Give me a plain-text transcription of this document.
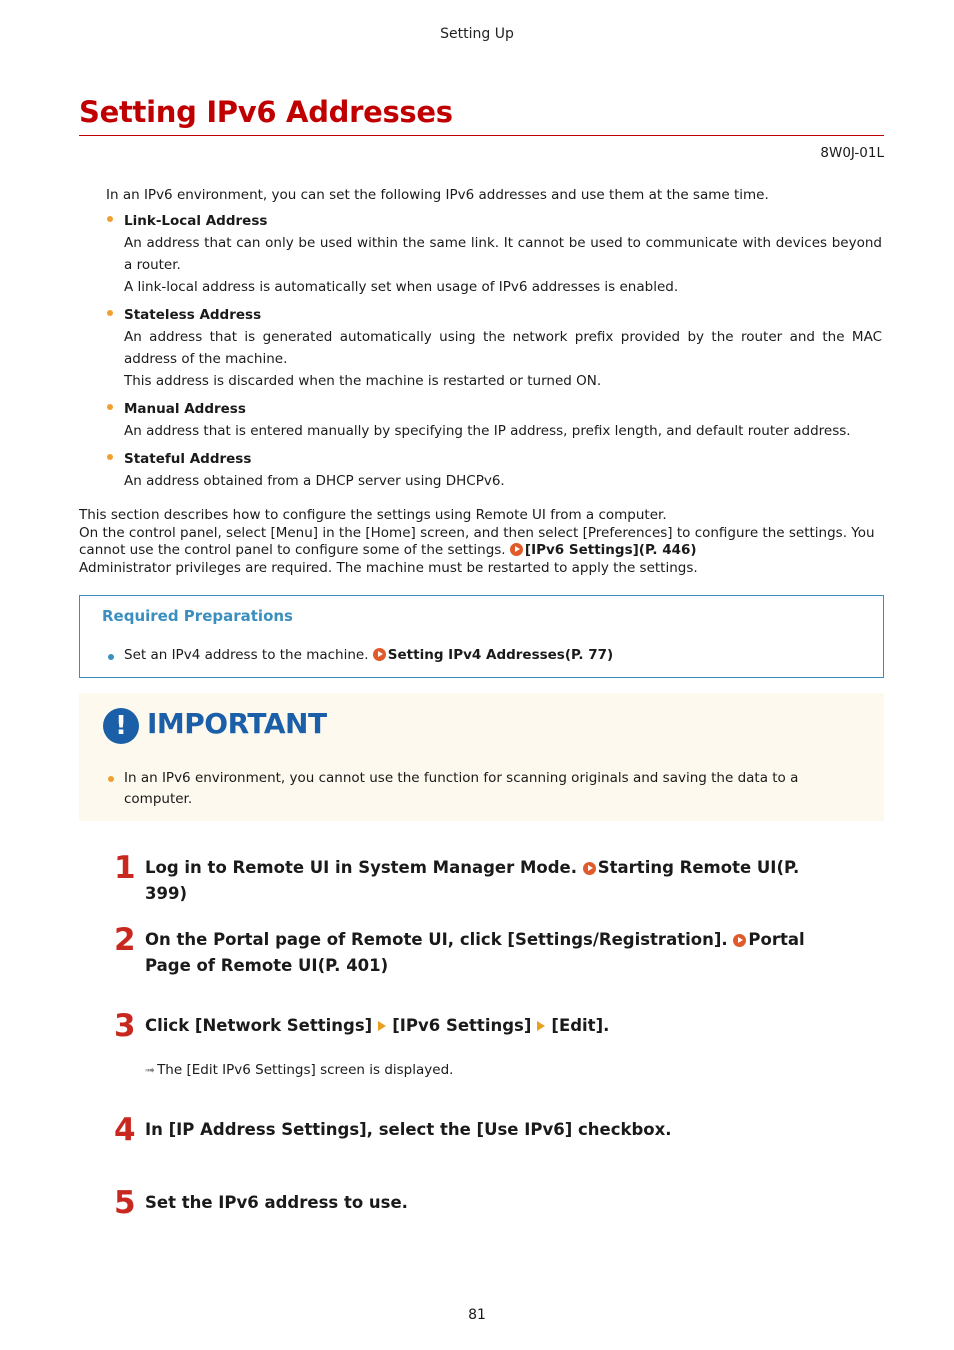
Setting Up
Setting IPv6 Addresses
8W0J-01L
In an IPv6 environment, you can set the following IPv6 addresses and use them at the same time.
Link-Local Address
An address that can only be used within the same link. It cannot be used to communicate with devices beyond a router.
A link-local address is automatically set when usage of IPv6 addresses is enabled.
Stateless Address
An address that is generated automatically using the network prefix provided by the router and the MAC address of the machine.
This address is discarded when the machine is restarted or turned ON.
Manual Address
An address that is entered manually by specifying the IP address, prefix length, and default router address.
Stateful Address
An address obtained from a DHCP server using DHCPv6.
This section describes how to configure the settings using Remote UI from a computer.
On the control panel, select [Menu] in the [Home] screen, and then select [Preferences] to configure the settings. You cannot use the control panel to configure some of the settings. [IPv6 Settings](P. 446)
Administrator privileges are required. The machine must be restarted to apply the settings.
Required Preparations
Set an IPv4 address to the machine. Setting IPv4 Addresses(P. 77)
! IMPORTANT
In an IPv6 environment, you cannot use the function for scanning originals and saving the data to a computer.
1 Log in to Remote UI in System Manager Mode. Starting Remote UI(P. 399)
2 On the Portal page of Remote UI, click [Settings/Registration]. Portal Page of Remote UI(P. 401)
3 Click [Network Settings] [IPv6 Settings] [Edit].
➟ The [Edit IPv6 Settings] screen is displayed.
4 In [IP Address Settings], select the [Use IPv6] checkbox.
5 Set the IPv6 address to use.
81
